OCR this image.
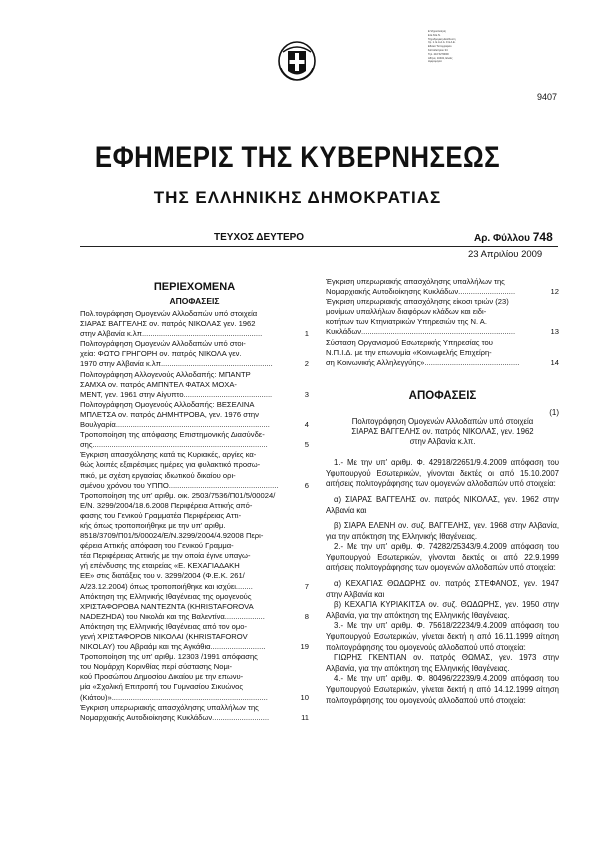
Ε.Ψηφιοποίηση
Ε.Ε.Ν.Ε.Ν.
Ταχυδρομική Διεύθυνση
Χρ. 1. Ε.Α.Α.Α. 9 & Α.Ε.
Εθνικό Τυπογραφείο
Καποδιστρίου 34
Τηλ. 210 5279000
Αθήνα, 10432, Ελλάς
Ημερομηνία
9407
ΕΦΗΜΕΡΙΣ ΤΗΣ ΚΥΒΕΡΝΗΣΕΩΣ
ΤΗΣ ΕΛΛΗΝΙΚΗΣ ΔΗΜΟΚΡΑΤΙΑΣ
ΤΕΥΧΟΣ ΔΕΥΤΕΡΟ	Αρ. Φύλλου 748
23 Απριλίου 2009

ΠΕΡΙΕΧΟΜΕΝΑ

ΑΠΟΦΑΣΕΙΣ

Πολ.τογράφηση Ομογενών Αλλοδαπών υπό στοιχεία
ΣΙΑΡΑΣ ΒΑΓΓΕΛΗΣ ον. πατρός ΝΙΚΟΛΑΣ γεν. 1962
1
στην Αλβανία κ.λπ.........................................................
Πολιτογράφηση Ομογενών Αλλοδαπών υπό στοι-
χεία: ΦΩΤΟ ΓΡΗΓΟΡΗ ον. πατρός ΝΙΚΟΛΑ γεν.
2
1970 στην Αλβανία κ.λπ.....................................................
Πολιτογράφηση Αλλογενούς Αλλοδαπής: ΜΠΑΝΤΡ
ΣΑΜΧΑ ον. πατρός ΑΜΠΝΤΕΛ ΦΑΤΑΧ ΜΟΧΑ-
3
ΜΕΝΤ, γεν. 1961 στην Αίγυπτο..........................................
Πολιτογράφηση Ομογενούς Αλλοδαπής: ΒΕΣΕΛΙΝΑ
ΜΠΛΕΤΣΑ ον. πατρός ΔΗΜΗΤΡΟΒΑ, γεν. 1976 στην
4
Βουλγαρία.........................................................................
Τροποποίηση της απόφασης Επιστημονικής Διασύνδε-
5
σης...................................................................................
Έγκριση απασχόλησης κατά τις Κυριακές, αργίες κα-
θώς λοιπές εξαιρέσιμες ημέρες για φυλακτικό προσω-
πικό, με σχέση εργασίας ιδιωτικού δικαίου ορι-
6
σμένου χρόνου του ΥΠΠΟ....................................................
Τροποποίηση της υπ' αριθμ. οικ. 2503/7536/Π01/5/00024/
Ε/Ν. 3299/2004/18.6.2008 Περιφέρεια Αττικής από-
φασης του Γενικού Γραμματέα Περιφέρειας Αττι-
κής όπως τροποποιήθηκε με την υπ' αριθμ.
8518/3709/Π01/5/00024/Ε/Ν.3299/2004/4.92008 Περι-
φέρεια Αττικής απόφαση του Γενικού Γραμμα-
τέα Περιφέρειας Αττικής με την οποία έγινε υπαγω-
γή επένδυσης της εταιρείας «Ε. ΚΕΧΑΓΙΑΔΑΚΗ
ΕΕ» στις διατάξεις του ν. 3299/2004 (Φ.Ε.Κ. 261/
7
Α/23.12.2004) όπως τροποποιήθηκε και ισχύει........
Απόκτηση της Ελληνικής Ιθαγένειας της ομογενούς
ΧΡΙΣΤΑΦΟΡΟΒΑ ΝΑΝΤΕΖΝΤΑ (KHRISTAFOROVA
8
NADEZHDA) του Νικολάι και της Βαλεντίνα...................
Απόκτηση της Ελληνικής Ιθαγένειας από τον ομο-
γενή ΧΡΙΣΤΑΦΟΡΟΒ ΝΙΚΟΛΑΙ (KHRISTAFOROV
19
NIKOLAY) του Αβραάμ και της Αγκάθια..........................
Τροποποίηση της υπ' αριθμ. 12303 /1991 απόφασης
του Νομάρχη Κορινθίας περί σύστασης Νομι-
κού Προσώπου Δημοσίου Δικαίου με την επωνυ-
μία «Σχολική Επιτροπή του Γυμνασίου Σικυώνος
10
(Κιάτου)»..........................................................................
Έγκριση υπερωριακής απασχόλησης υπαλλήλων της
11
Νομαρχιακής Αυτοδιοίκησης Κυκλάδων...........................
Έγκριση υπερωριακής απασχόλησης υπαλλήλων της
12
Νομαρχιακής Αυτοδιοίκησης Κυκλάδων...........................
Έγκριση υπερωριακής απασχόλησης είκοσι τριών (23)
μονίμων υπαλλήλων διαφόρων κλάδων και ειδι-
κοτήτων των Κτηνιατρικών Υπηρεσιών της Ν. Α.
13
Κυκλάδων.........................................................................
Σύσταση Οργανισμού Εσωτερικής Υπηρεσίας του
Ν.Π.Ι.Δ. με την επωνυμία «Κοινωφελής Επιχείρη-
14
ση Κοινωνικής Αλληλεγγύης».............................................

ΑΠΟΦΑΣΕΙΣ

(1)

Πολιτογράφηση Ομογενών Αλλοδαπών υπό στοιχεία
ΣΙΑΡΑΣ ΒΑΓΓΕΛΗΣ ον. πατρός ΝΙΚΟΛΑΣ, γεν. 1962
στην Αλβανία κ.λπ.

1.- Με την υπ' αριθμ. Φ. 42918/22651/9.4.2009 απόφαση του Υφυπουργού Εσωτερικών, γίνονται δεκτές οι από 15.10.2007 αιτήσεις πολιτογράφησης των ομογενών αλλοδαπών υπό στοιχεία:

α) ΣΙΑΡΑΣ ΒΑΓΓΕΛΗΣ ον. πατρός ΝΙΚΟΛΑΣ, γεν. 1962 στην Αλβανία και

β) ΣΙΑΡΑ ΕΛΕΝΗ ον. συζ. ΒΑΓΓΕΛΗΣ, γεν. 1968 στην Αλβανία, για την απόκτηση της Ελληνικής Ιθαγένειας.

2.- Με την υπ' αριθμ. Φ. 74282/25343/9.4.2009 απόφαση του Υφυπουργού Εσωτερικών, γίνονται δεκτές οι από 22.9.1999 αιτήσεις πολιτογράφησης των ομογενών αλλοδαπών υπό στοιχεία:

α) ΚΕΧΑΓΙΑΣ ΘΩΔΩΡΗΣ ον. πατρός ΣΤΕΦΑΝΟΣ, γεν. 1947 στην Αλβανία και

β) ΚΕΧΑΓΙΑ ΚΥΡΙΑΚΙΤΣΑ ον. συζ. ΘΩΔΩΡΗΣ, γεν. 1950 στην Αλβανία, για την απόκτηση της Ελληνικής Ιθαγένειας.

3.- Με την υπ' αριθμ. Φ. 75618/22234/9.4.2009 απόφαση του Υφυπουργού Εσωτερικών, γίνεται δεκτή η από 16.11.1999 αίτηση πολιτογράφησης του ομογενούς αλλοδαπού υπό στοιχεία:

ΓΙΩΡΗΣ ΓΚΕΝΤΙΑΝ ον. πατρός ΘΩΜΑΣ, γεν. 1973 στην Αλβανία, για την απόκτηση της Ελληνικής Ιθαγένειας.

4.- Με την υπ' αριθμ. Φ. 80496/22239/9.4.2009 απόφαση του Υφυπουργού Εσωτερικών, γίνεται δεκτή η από 14.12.1999 αίτηση πολιτογράφησης του ομογενούς αλλοδαπού υπό στοιχεία:
